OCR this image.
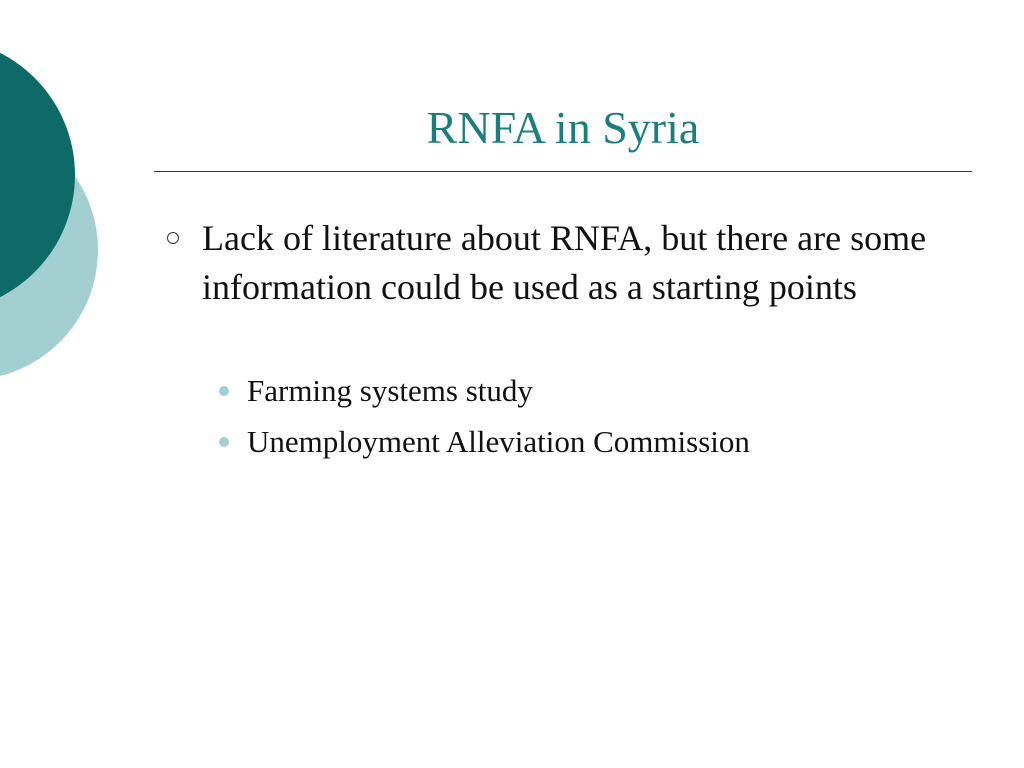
RNFA in Syria
Lack of literature about RNFA, but there are some information could be used as a starting points
Farming systems study
Unemployment Alleviation Commission
